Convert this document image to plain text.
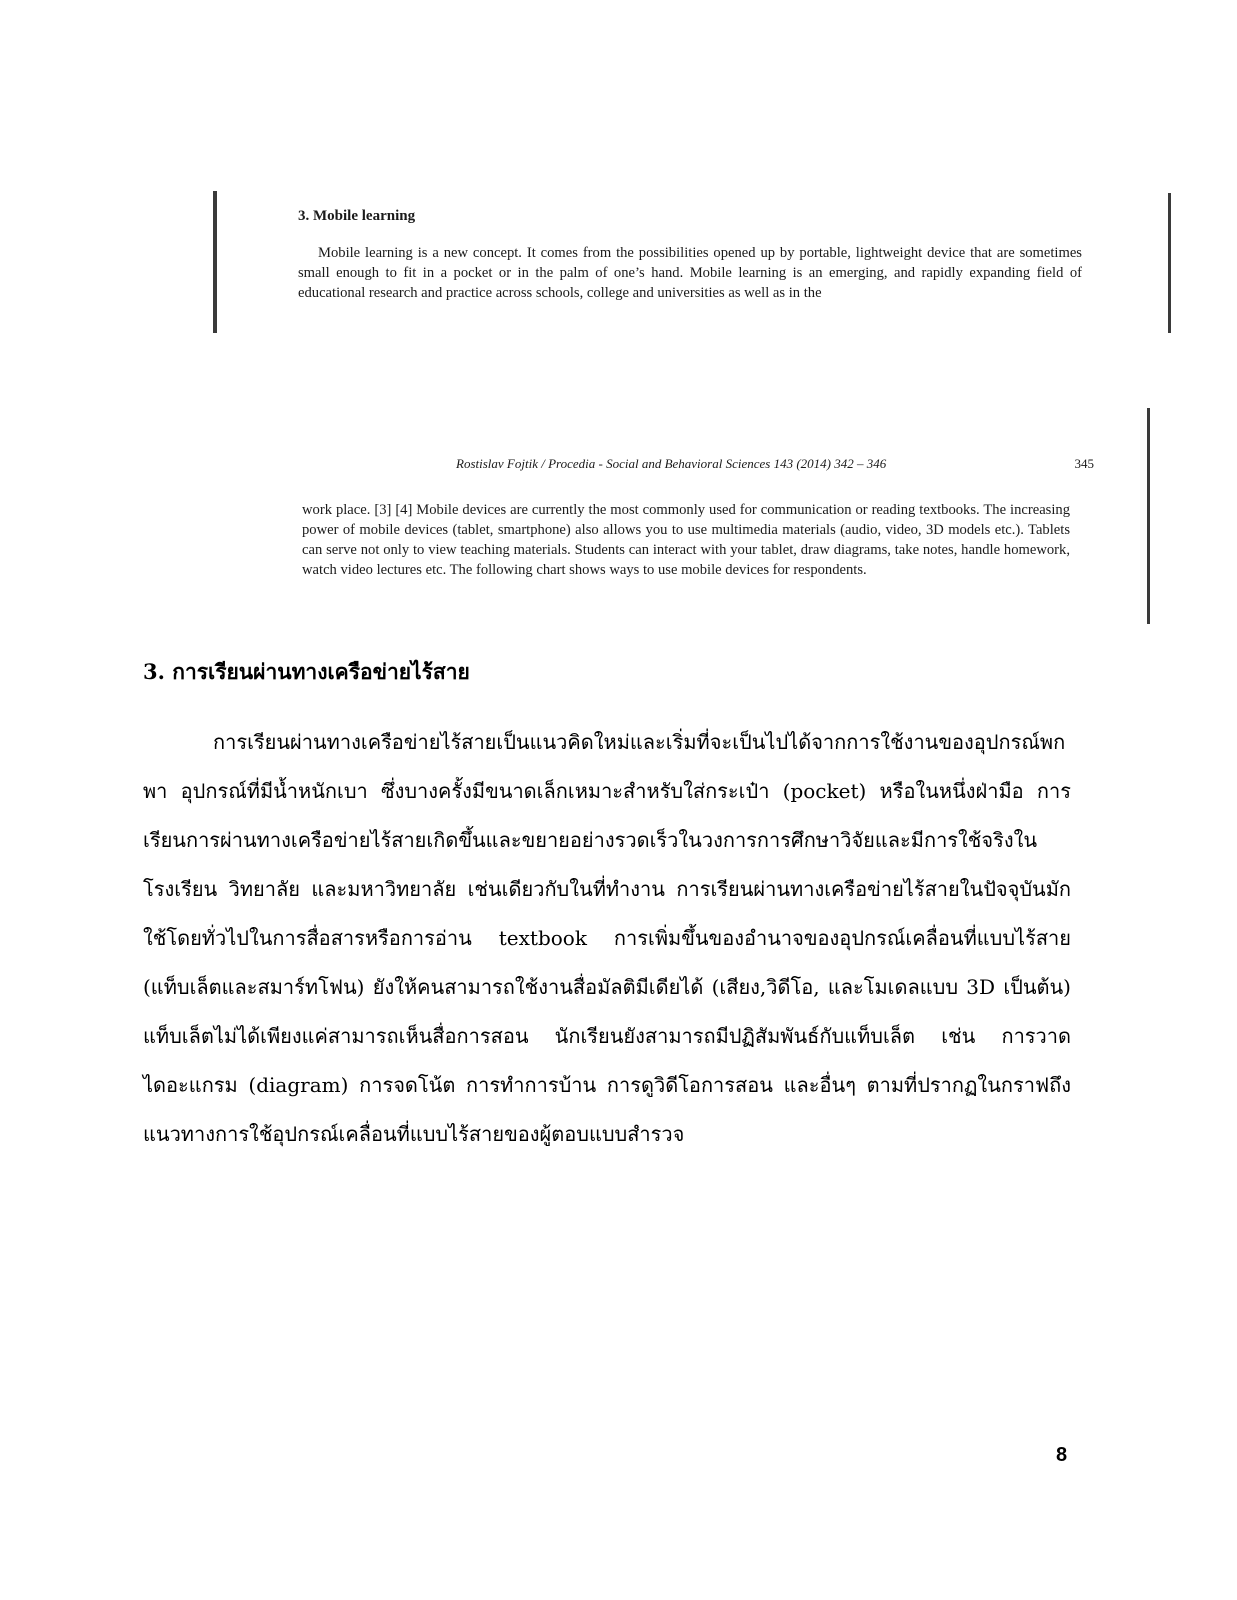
3. Mobile learning

Mobile learning is a new concept. It comes from the possibilities opened up by portable, lightweight device that are sometimes small enough to fit in a pocket or in the palm of one’s hand. Mobile learning is an emerging, and rapidly expanding field of educational research and practice across schools, college and universities as well as in the

Rostislav Fojtik / Procedia - Social and Behavioral Sciences 143 (2014) 342 – 346	345

work place. [3] [4] Mobile devices are currently the most commonly used for communication or reading textbooks. The increasing power of mobile devices (tablet, smartphone) also allows you to use multimedia materials (audio, video, 3D models etc.). Tablets can serve not only to view teaching materials. Students can interact with your tablet, draw diagrams, take notes, handle homework, watch video lectures etc. The following chart shows ways to use mobile devices for respondents.

3. การเรียนผ่านทางเครือข่ายไร้สาย

การเรียนผ่านทางเครือข่ายไร้สายเป็นแนวคิดใหม่และเริ่มที่จะเป็นไปได้จากการใช้งานของอุปกรณ์พกพา อุปกรณ์ที่มีน้ำหนักเบา ซึ่งบางครั้งมีขนาดเล็กเหมาะสำหรับใส่กระเป๋า (pocket) หรือในหนึ่งฝ่ามือ การเรียนการผ่านทางเครือข่ายไร้สายเกิดขึ้นและขยายอย่างรวดเร็วในวงการการศึกษาวิจัยและมีการใช้จริงในโรงเรียน วิทยาลัย และมหาวิทยาลัย เช่นเดียวกับในที่ทำงาน การเรียนผ่านทางเครือข่ายไร้สายในปัจจุบันมักใช้โดยทั่วไปในการสื่อสารหรือการอ่าน textbook การเพิ่มขึ้นของอำนาจของอุปกรณ์เคลื่อนที่แบบไร้สาย (แท็บเล็ตและสมาร์ทโฟน) ยังให้คนสามารถใช้งานสื่อมัลติมีเดียได้ (เสียง,วิดีโอ, และโมเดลแบบ 3D เป็นต้น) แท็บเล็ตไม่ได้เพียงแค่สามารถเห็นสื่อการสอน นักเรียนยังสามารถมีปฏิสัมพันธ์กับแท็บเล็ต เช่น การวาดไดอะแกรม (diagram) การจดโน้ต การทำการบ้าน การดูวิดีโอการสอน และอื่นๆ ตามที่ปรากฏในกราฟถึงแนวทางการใช้อุปกรณ์เคลื่อนที่แบบไร้สายของผู้ตอบแบบสำรวจ

8
